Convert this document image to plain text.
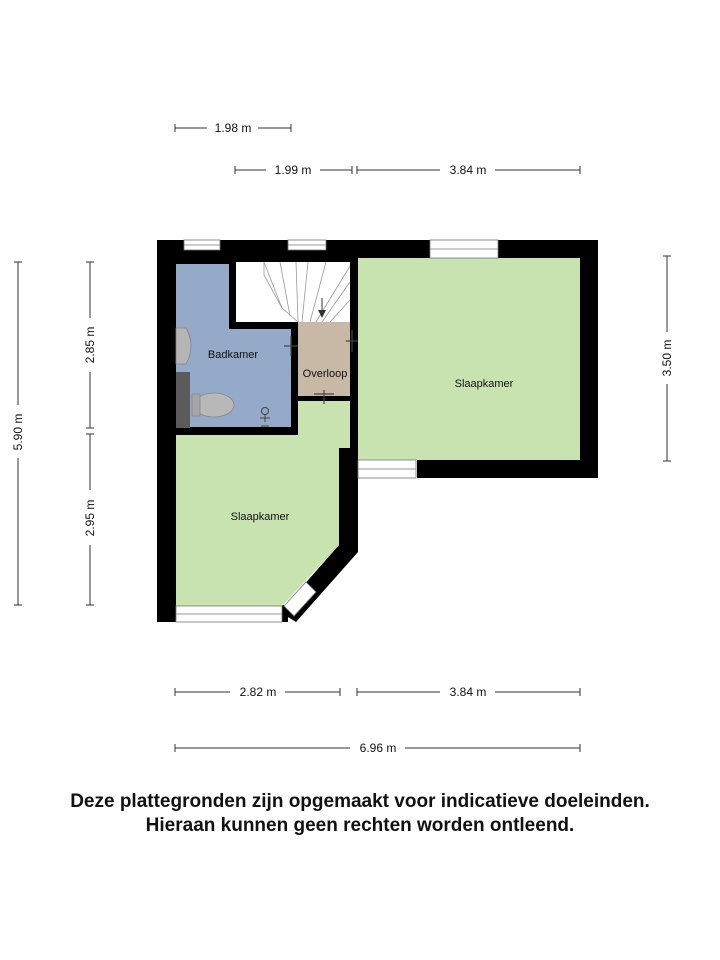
1.98 m
1.99 m	3.84 m
5.90 m
2.85 m
2.95 m
3.50 m
2.82 m	3.84 m
6.96 m
Badkamer
Overloop
Slaapkamer
Slaapkamer
Deze plattegronden zijn opgemaakt voor indicatieve doeleinden.
Hieraan kunnen geen rechten worden ontleend.
